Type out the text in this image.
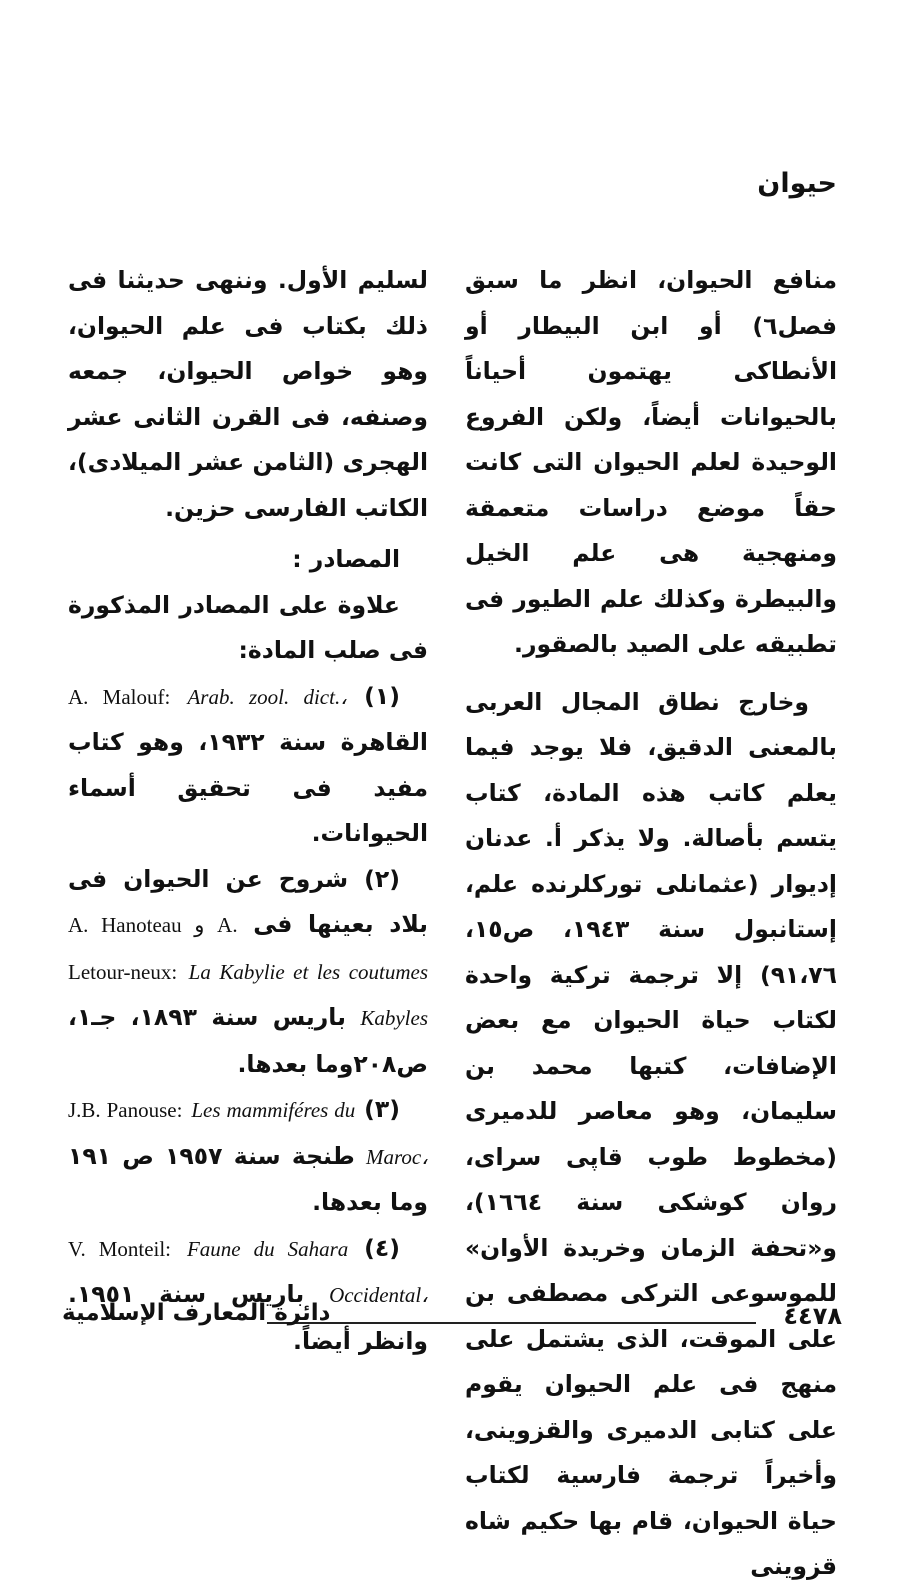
حيوان

منافع الحيوان، انظر ما سبق فصل٦) أو ابن البيطار أو الأنطاكى يهتمون أحياناً بالحيوانات أيضاً، ولكن الفروع الوحيدة لعلم الحيوان التى كانت حقاً موضع دراسات متعمقة ومنهجية هى علم الخيل والبيطرة وكذلك علم الطيور فى تطبيقه على الصيد بالصقور.

وخارج نطاق المجال العربى بالمعنى الدقيق، فلا يوجد فيما يعلم كاتب هذه المادة، كتاب يتسم بأصالة. ولا يذكر أ. عدنان إديوار (عثمانلى توركلرنده علم، إستانبول سنة ١٩٤٣، ص١٥، ٩١،٧٦) إلا ترجمة تركية واحدة لكتاب حياة الحيوان مع بعض الإضافات، كتبها محمد بن سليمان، وهو معاصر للدميرى (مخطوط طوب قاپى سراى، روان كوشكى سنة ١٦٦٤)، و«تحفة الزمان وخريدة الأوان» للموسوعى التركى مصطفى بن على الموقت، الذى يشتمل على منهج فى علم الحيوان يقوم على كتابى الدميرى والقزوينى، وأخيراً ترجمة فارسية لكتاب حياة الحيوان، قام بها حكيم شاه قزوينى

لسليم الأول. وننهى حديثنا فى ذلك بكتاب فى علم الحيوان، وهو خواص الحيوان، جمعه وصنفه، فى القرن الثانى عشر الهجرى (الثامن عشر الميلادى)، الكاتب الفارسى حزين.

المصادر :

علاوة على المصادر المذكورة فى صلب المادة:

(١) A. Malouf: Arab. zool. dict.، القاهرة سنة ١٩٣٢، وهو كتاب مفيد فى تحقيق أسماء الحيوانات.

(٢) شروح عن الحيوان فى بلاد بعينها فى A. Hanoteau و A. Letour-neux: La Kabylie et les coutumes Kabyles باريس سنة ١٨٩٣، جـ١، ص٢٠٨وما بعدها.

(٣) J.B. Panouse: Les mammiféres du Maroc، طنجة سنة ١٩٥٧ ص ١٩١ وما بعدها.

(٤) V. Monteil: Faune du Sahara Occidental، باريس سنة ١٩٥١. وانظر أيضاً.

٤٤٧٨
دائرة المعارف الإسلامية
